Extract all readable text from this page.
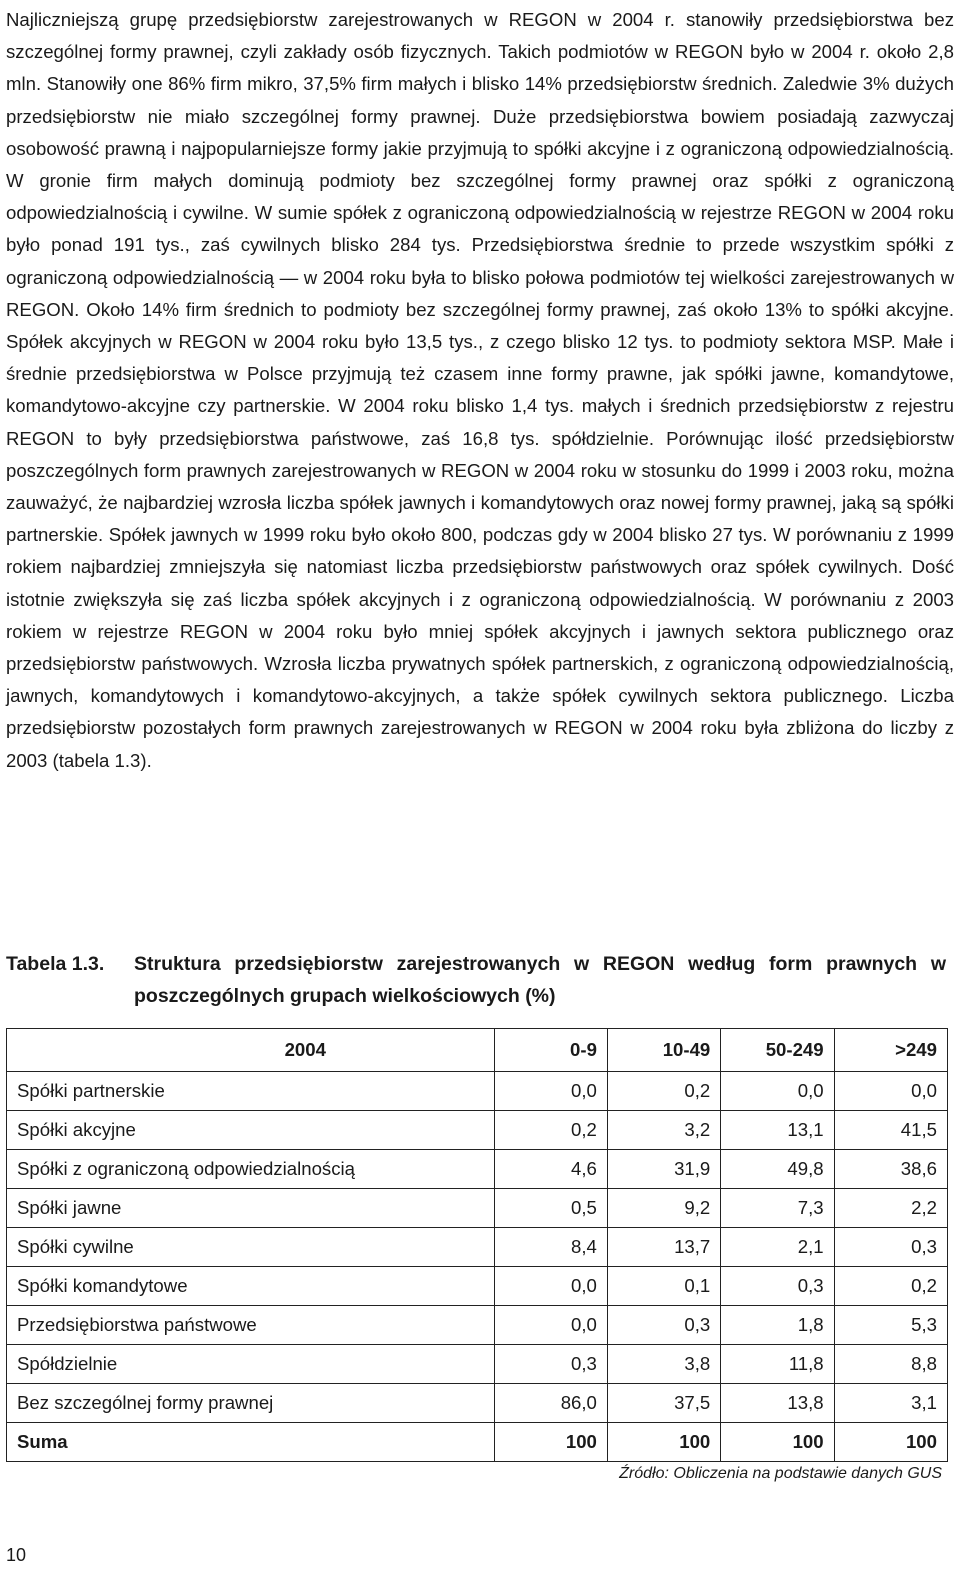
Najliczniejszą grupę przedsiębiorstw zarejestrowanych w REGON w 2004 r. stanowiły przedsiębiorstwa bez szczególnej formy prawnej, czyli zakłady osób fizycznych. Takich podmiotów w REGON było w 2004 r. około 2,8 mln. Stanowiły one 86% firm mikro, 37,5% firm małych i blisko 14% przedsiębiorstw średnich. Zaledwie 3% dużych przedsiębiorstw nie miało szczególnej formy prawnej. Duże przedsiębiorstwa bowiem posiadają zazwyczaj osobowość prawną i najpopularniejsze formy jakie przyjmują to spółki akcyjne i z ograniczoną odpowiedzialnością. W gronie firm małych dominują podmioty bez szczególnej formy prawnej oraz spółki z ograniczoną odpowiedzialnością i cywilne. W sumie spółek z ograniczoną odpowiedzialnością w rejestrze REGON w 2004 roku było ponad 191 tys., zaś cywilnych blisko 284 tys. Przedsiębiorstwa średnie to przede wszystkim spółki z ograniczoną odpowiedzialnością — w 2004 roku była to blisko połowa podmiotów tej wielkości zarejestrowanych w REGON. Około 14% firm średnich to podmioty bez szczególnej formy prawnej, zaś około 13% to spółki akcyjne. Spółek akcyjnych w REGON w 2004 roku było 13,5 tys., z czego blisko 12 tys. to podmioty sektora MSP. Małe i średnie przedsiębiorstwa w Polsce przyjmują też czasem inne formy prawne, jak spółki jawne, komandytowe, komandytowo-akcyjne czy partnerskie. W 2004 roku blisko 1,4 tys. małych i średnich przedsiębiorstw z rejestru REGON to były przedsiębiorstwa państwowe, zaś 16,8 tys. spółdzielnie. Porównując ilość przedsiębiorstw poszczególnych form prawnych zarejestrowanych w REGON w 2004 roku w stosunku do 1999 i 2003 roku, można zauważyć, że najbardziej wzrosła liczba spółek jawnych i komandytowych oraz nowej formy prawnej, jaką są spółki partnerskie. Spółek jawnych w 1999 roku było około 800, podczas gdy w 2004 blisko 27 tys. W porównaniu z 1999 rokiem najbardziej zmniejszyła się natomiast liczba przedsiębiorstw państwowych oraz spółek cywilnych. Dość istotnie zwiększyła się zaś liczba spółek akcyjnych i z ograniczoną odpowiedzialnością. W porównaniu z 2003 rokiem w rejestrze REGON w 2004 roku było mniej spółek akcyjnych i jawnych sektora publicznego oraz przedsiębiorstw państwowych. Wzrosła liczba prywatnych spółek partnerskich, z ograniczoną odpowiedzialnością, jawnych, komandytowych i komandytowo-akcyjnych, a także spółek cywilnych sektora publicznego. Liczba przedsiębiorstw pozostałych form prawnych zarejestrowanych w REGON w 2004 roku była zbliżona do liczby z 2003 (tabela 1.3).

Tabela 1.3.	Struktura przedsiębiorstw zarejestrowanych w REGON według form prawnych w poszczególnych grupach wielkościowych (%)
2004	0-9	10-49	50-249	>249
Spółki partnerskie	0,0	0,2	0,0	0,0
Spółki akcyjne	0,2	3,2	13,1	41,5
Spółki z ograniczoną odpowiedzialnością	4,6	31,9	49,8	38,6
Spółki jawne	0,5	9,2	7,3	2,2
Spółki cywilne	8,4	13,7	2,1	0,3
Spółki komandytowe	0,0	0,1	0,3	0,2
Przedsiębiorstwa państwowe	0,0	0,3	1,8	5,3
Spółdzielnie	0,3	3,8	11,8	8,8
Bez szczególnej formy prawnej	86,0	37,5	13,8	3,1
Suma	100	100	100	100
Źródło: Obliczenia na podstawie danych GUS
10
